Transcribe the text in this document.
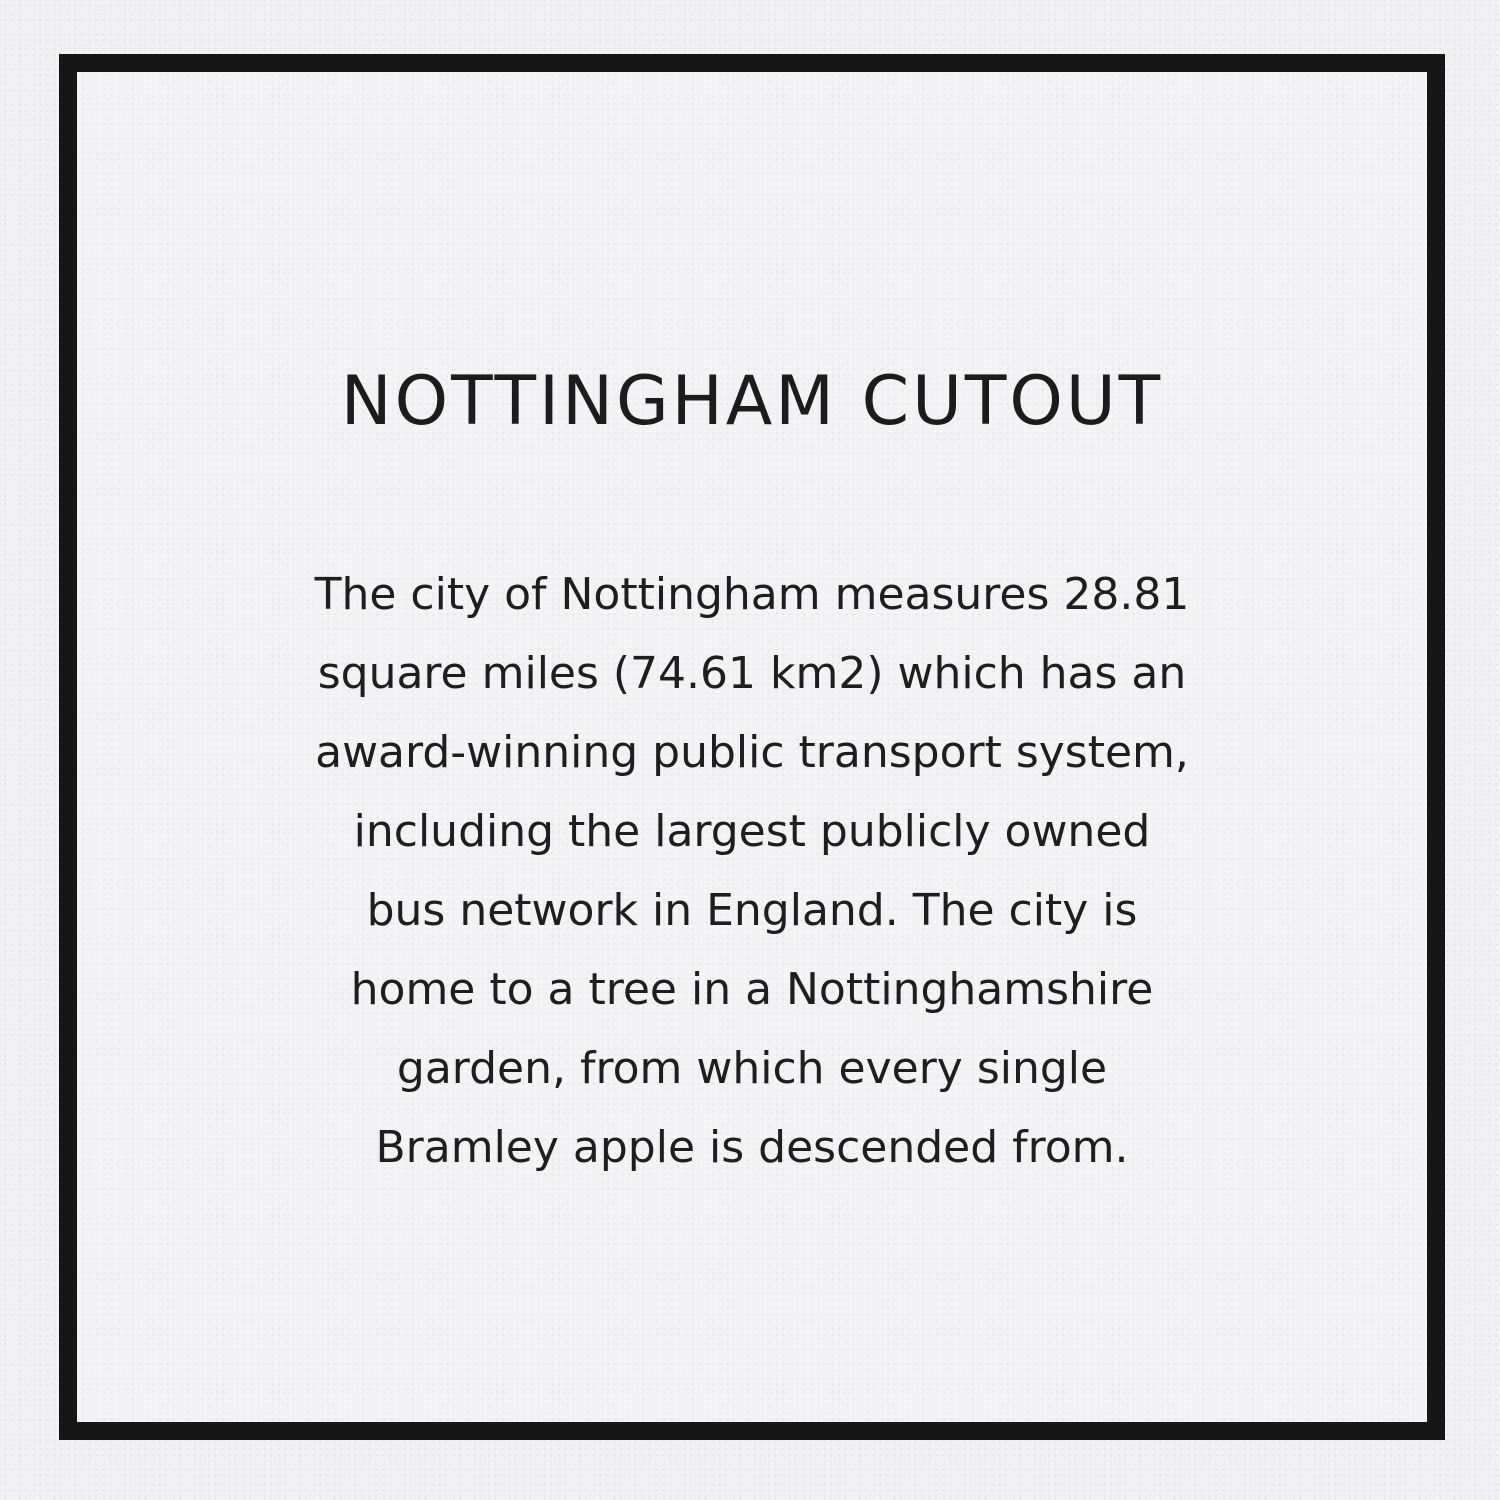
NOTTINGHAM CUTOUT

The city of Nottingham measures 28.81
square miles (74.61 km2) which has an
award-winning public transport system,
including the largest publicly owned
bus network in England. The city is
home to a tree in a Nottinghamshire
garden, from which every single
Bramley apple is descended from.
